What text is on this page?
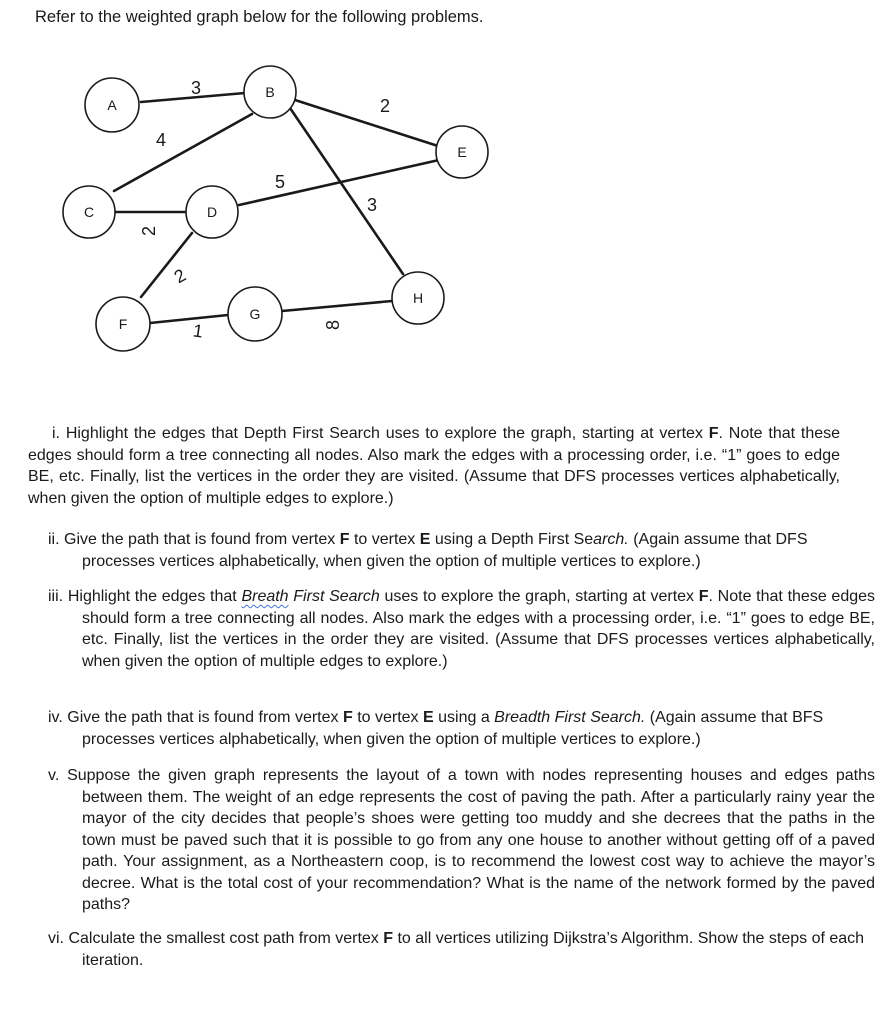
Refer to the weighted graph below for the following problems.

A
B
C	D
E
F
G
H
3
4
2
3
2
5
2
1	8

i. Highlight the edges that Depth First Search uses to explore the graph, starting at vertex F. Note that these edges should form a tree connecting all nodes. Also mark the edges with a processing order, i.e. “1” goes to edge BE, etc. Finally, list the vertices in the order they are visited. (Assume that DFS processes vertices alphabetically, when given the option of multiple edges to explore.)

ii. Give the path that is found from vertex F to vertex E using a Depth First Search. (Again assume that DFS processes vertices alphabetically, when given the option of multiple vertices to explore.)

iii. Highlight the edges that Breath First Search uses to explore the graph, starting at vertex F. Note that these edges should form a tree connecting all nodes. Also mark the edges with a processing order, i.e. “1” goes to edge BE, etc. Finally, list the vertices in the order they are visited. (Assume that DFS processes vertices alphabetically, when given the option of multiple edges to explore.)

iv. Give the path that is found from vertex F to vertex E using a Breadth First Search. (Again assume that BFS processes vertices alphabetically, when given the option of multiple vertices to explore.)

v. Suppose the given graph represents the layout of a town with nodes representing houses and edges paths between them. The weight of an edge represents the cost of paving the path. After a particularly rainy year the mayor of the city decides that people’s shoes were getting too muddy and she decrees that the paths in the town must be paved such that it is possible to go from any one house to another without getting off of a paved path. Your assignment, as a Northeastern coop, is to recommend the lowest cost way to achieve the mayor’s decree. What is the total cost of your recommendation? What is the name of the network formed by the paved paths?

vi. Calculate the smallest cost path from vertex F to all vertices utilizing Dijkstra’s Algorithm. Show the steps of each iteration.
